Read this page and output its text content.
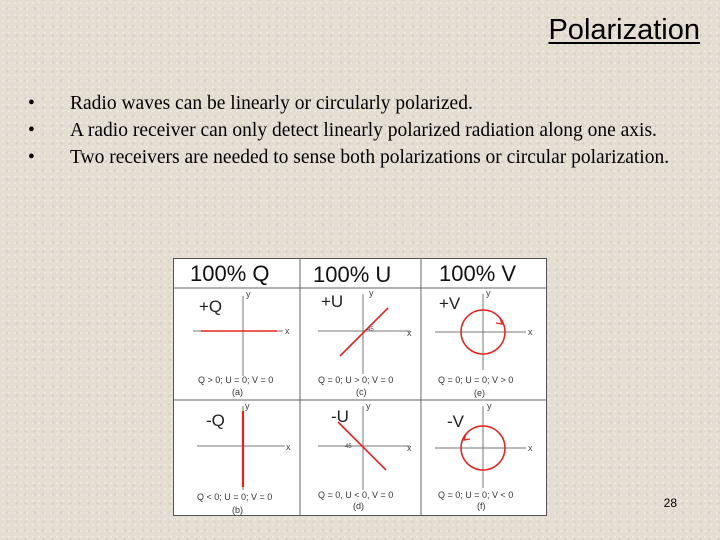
Polarization
• Radio waves can be linearly or circularly polarized.
• A radio receiver can only detect linearly polarized radiation along one axis.
• Two receivers are needed to sense both polarizations or circular polarization.
100% Q 100% U 100% V
y
x
+Q
Q > 0; U = 0; V = 0
(a)
45
y
x
+U
Q = 0; U > 0; V = 0
(c)
y
x
+V
Q = 0; U = 0; V > 0
(e)
y
x
-Q
Q < 0; U = 0; V = 0
(b)
45
y
x
-U
Q = 0, U < 0, V = 0
(d)
y
x
-V
Q = 0; U = 0; V < 0
(f)	28
